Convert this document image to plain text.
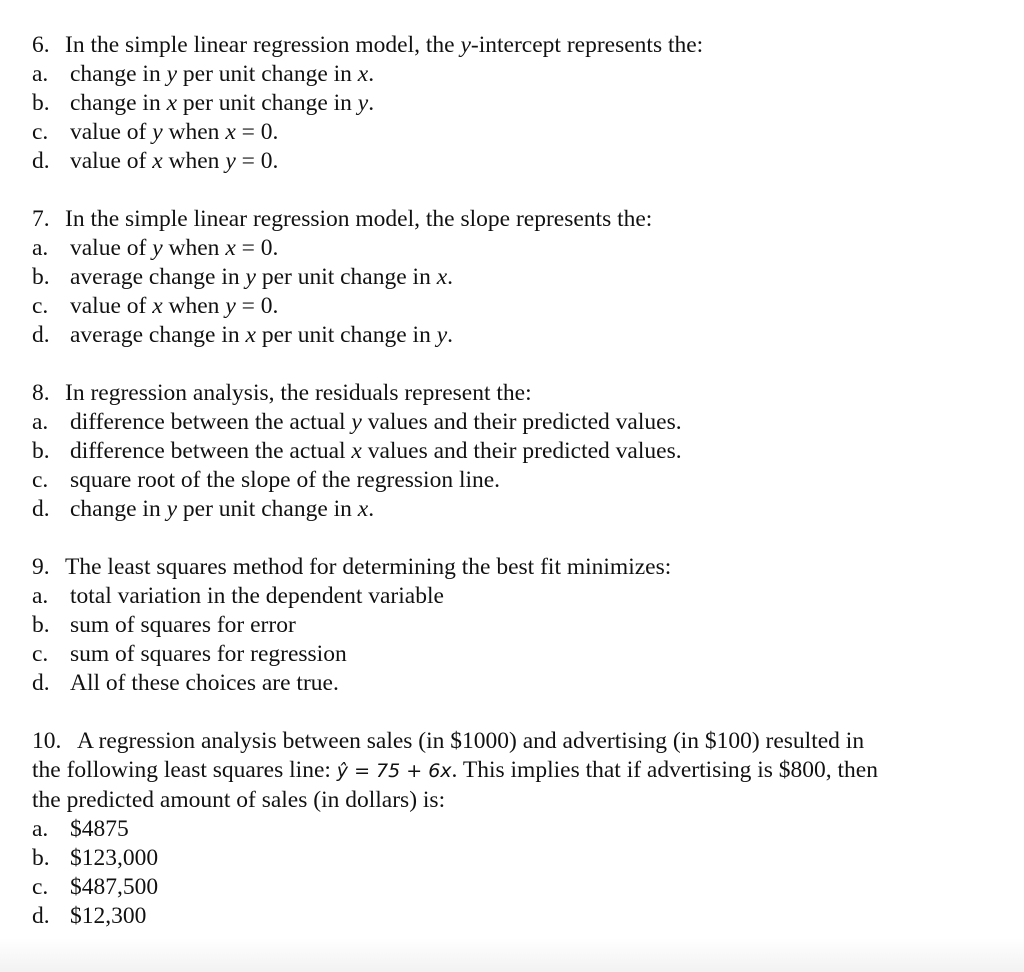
6. In the simple linear regression model, the y-intercept represents the:
a. change in y per unit change in x.
b. change in x per unit change in y.
c. value of y when x = 0.
d. value of x when y = 0.
7. In the simple linear regression model, the slope represents the:
a. value of y when x = 0.
b. average change in y per unit change in x.
c. value of x when y = 0.
d. average change in x per unit change in y.
8. In regression analysis, the residuals represent the:
a. difference between the actual y values and their predicted values.
b. difference between the actual x values and their predicted values.
c. square root of the slope of the regression line.
d. change in y per unit change in x.
9. The least squares method for determining the best fit minimizes:
a. total variation in the dependent variable
b. sum of squares for error
c. sum of squares for regression
d. All of these choices are true.
10. A regression analysis between sales (in $1000) and advertising (in $100) resulted in
the following least squares line: ŷ = 75 + 6x. This implies that if advertising is $800, then
the predicted amount of sales (in dollars) is:
a. $4875
b. $123,000
c. $487,500
d. $12,300
